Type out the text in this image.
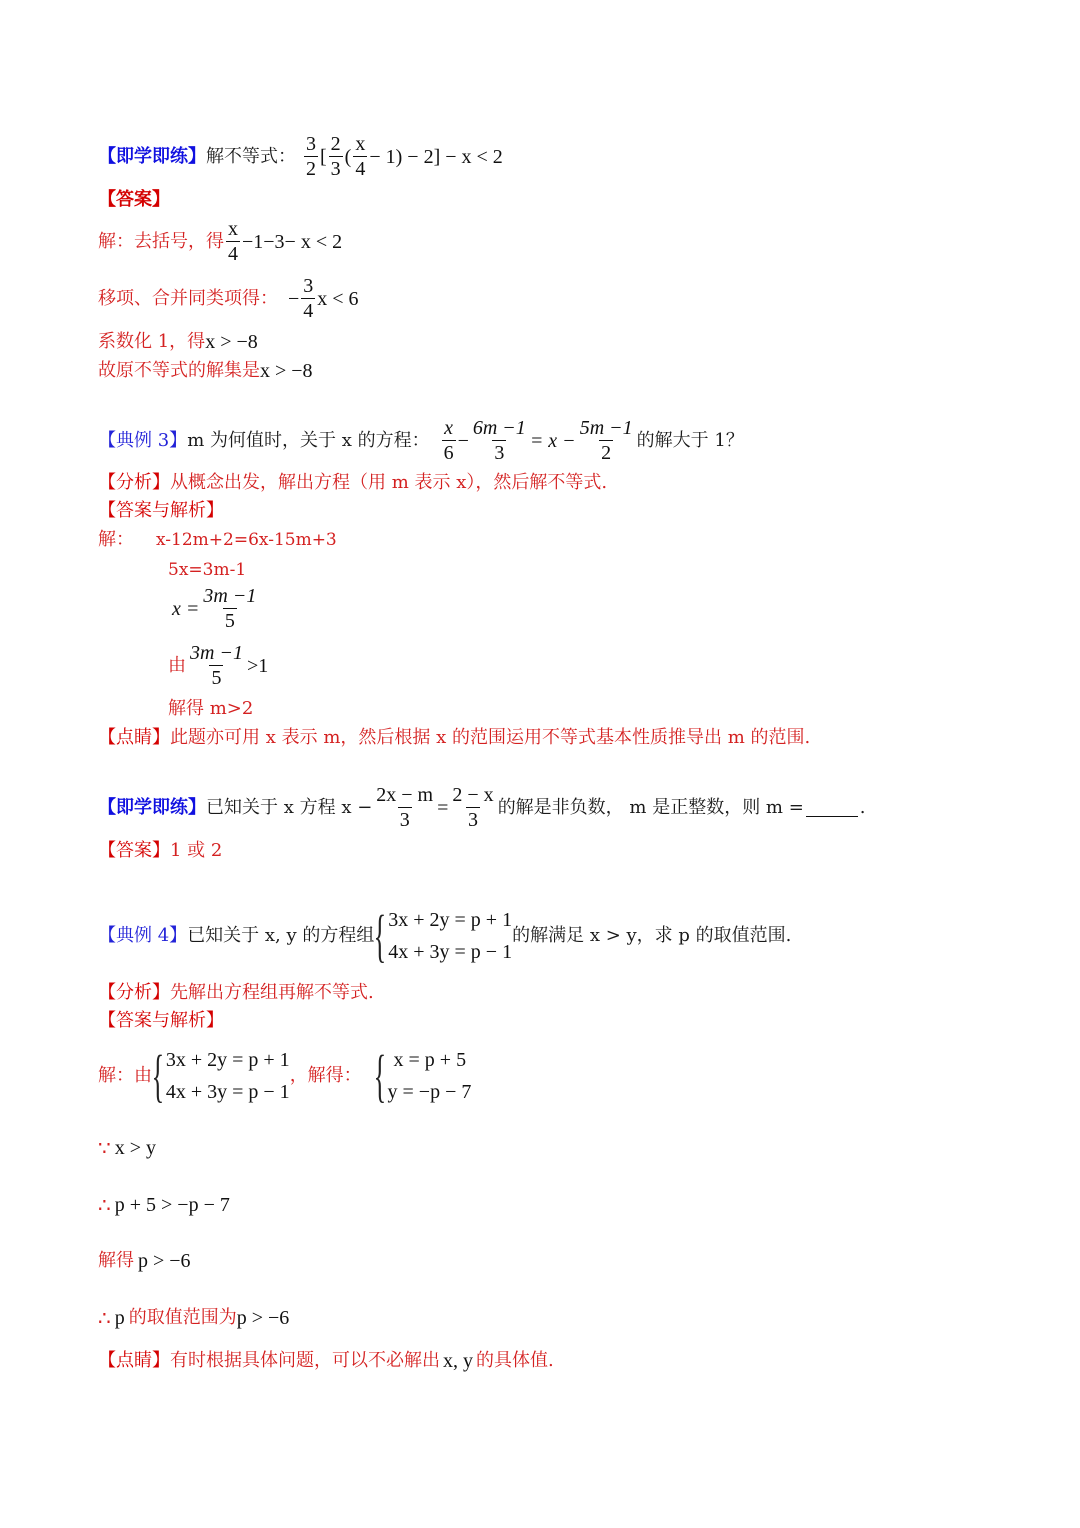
【即学即练】 解不等式： $\frac{3}{2}$ [ $\frac{2}{3}$ ( $\frac{x}{4} - 1) - 2] - x < 2$
【答案】
解：去括号，得 $\frac{x}{4} -1-3- x < 2$
移项、合并同类项得： − $\frac{3}{4}$ x < 6
系数化 1，得 x > −8
故原不等式的解集是 x > −8
【典例 3】 m 为何值时，关于 x 的方程： $\frac{x}{6} - \frac{6m -1}{3} = x - \frac{5m -1}{2}$ 的解大于 1？
【分析】 从概念出发，解出方程（用 m 表示 x），然后解不等式.
【答案与解析】
解： x-12m+2=6x-15m+3
5x=3m-1
$x = \frac{3m -1}{5}$
由 $\frac{3m -1}{5} >1$
解得 m>2
【点睛】 此题亦可用 x 表示 m，然后根据 x 的范围运用不等式基本性质推导出 m 的范围.
【即学即练】 已知关于 x 方程 $x - \frac{2x - m}{3} = \frac{2 - x}{3}$ 的解是非负数， m 是正整数，则 m =	.
【答案】 1 或 2
【典例 4】 已知关于 x, y 的方程组 { 3x + 2y = p + 1
4x + 3y = p − 1
的解满足 x > y，求 p 的取值范围.
【分析】 先解出方程组再解不等式.
【答案与解析】
解：由 { 3x + 2y = p + 1
4x + 3y = p − 1
，解得： { x = p + 5
y = −p − 7
∵ x > y
∴ p + 5 > −p − 7
解得 p > −6
∴ p 的取值范围为 p > −6
【点睛】 有时根据具体问题，可以不必解出 x, y 的具体值.
